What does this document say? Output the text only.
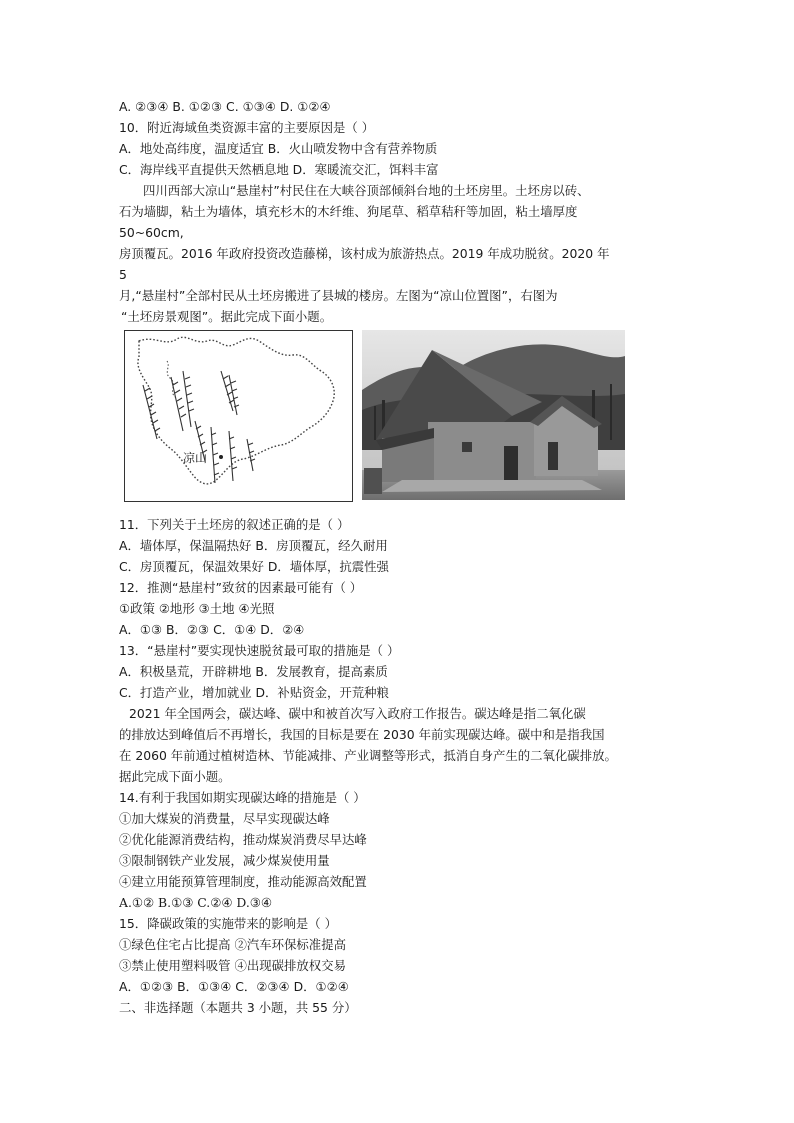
A. ②③④ B. ①②③ C. ①③④ D. ①②④
10．附近海域鱼类资源丰富的主要原因是（ ）
A．地处高纬度，温度适宜 B．火山喷发物中含有营养物质
C．海岸线平直提供天然栖息地 D．寒暖流交汇，饵料丰富
四川西部大凉山“悬崖村”村民住在大峡谷顶部倾斜台地的土坯房里。土坯房以砖、
石为墙脚，粘土为墙体，填充杉木的木纤维、狗尾草、稻草秸秆等加固，粘土墙厚度
50~60cm,
房顶覆瓦。2016 年政府投资改造藤梯，该村成为旅游热点。2019 年成功脱贫。2020 年
5
月,“悬崖村”全部村民从土坯房搬进了县城的楼房。左图为“凉山位置图”，右图为
“土坯房景观图”。据此完成下面小题。
凉山
11．下列关于土坯房的叙述正确的是（ ）
A．墙体厚，保温隔热好 B．房顶覆瓦，经久耐用
C．房顶覆瓦，保温效果好 D．墙体厚，抗震性强
12．推测“悬崖村”致贫的因素最可能有（ ）
①政策 ②地形 ③土地 ④光照
A．①③ B．②③ C．①④ D．②④
13．“悬崖村”要实现快速脱贫最可取的措施是（ ）
A．积极垦荒，开辟耕地 B．发展教育，提高素质
C．打造产业，增加就业 D．补贴资金，开荒种粮
2021 年全国两会，碳达峰、碳中和被首次写入政府工作报告。碳达峰是指二氧化碳
的排放达到峰值后不再增长，我国的目标是要在 2030 年前实现碳达峰。碳中和是指我国
在 2060 年前通过植树造林、节能减排、产业调整等形式，抵消自身产生的二氧化碳排放。
据此完成下面小题。
14.有利于我国如期实现碳达峰的措施是（ ）
①加大煤炭的消费量，尽早实现碳达峰
②优化能源消费结构，推动煤炭消费尽早达峰
③限制钢铁产业发展，减少煤炭使用量
④建立用能预算管理制度，推动能源高效配置
A.①② B.①③ C.②④ D.③④
15．降碳政策的实施带来的影响是（ ）
①绿色住宅占比提高 ②汽车环保标准提高
③禁止使用塑料吸管 ④出现碳排放权交易
A．①②③ B．①③④ C．②③④ D．①②④
二、非选择题（本题共 3 小题，共 55 分）
